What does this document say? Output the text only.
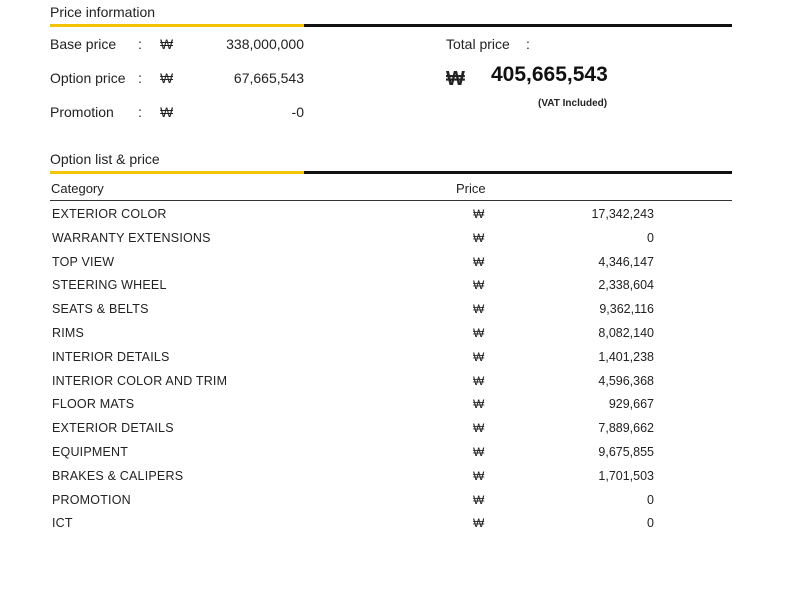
Price information
Base price : ₩	338,000,000
Option price : ₩	67,665,543
Promotion : ₩	-0
Total price :
₩ 405,665,543
(VAT Included)
Option list & price
Category	Price
EXTERIOR COLOR	₩	17,342,243
WARRANTY EXTENSIONS	₩	0
TOP VIEW	₩	4,346,147
STEERING WHEEL	₩	2,338,604
SEATS & BELTS	₩	9,362,116
RIMS	₩	8,082,140
INTERIOR DETAILS	₩	1,401,238
INTERIOR COLOR AND TRIM	₩	4,596,368
FLOOR MATS	₩	929,667
EXTERIOR DETAILS	₩	7,889,662
EQUIPMENT	₩	9,675,855
BRAKES & CALIPERS	₩	1,701,503
PROMOTION	₩	0
ICT	₩	0
